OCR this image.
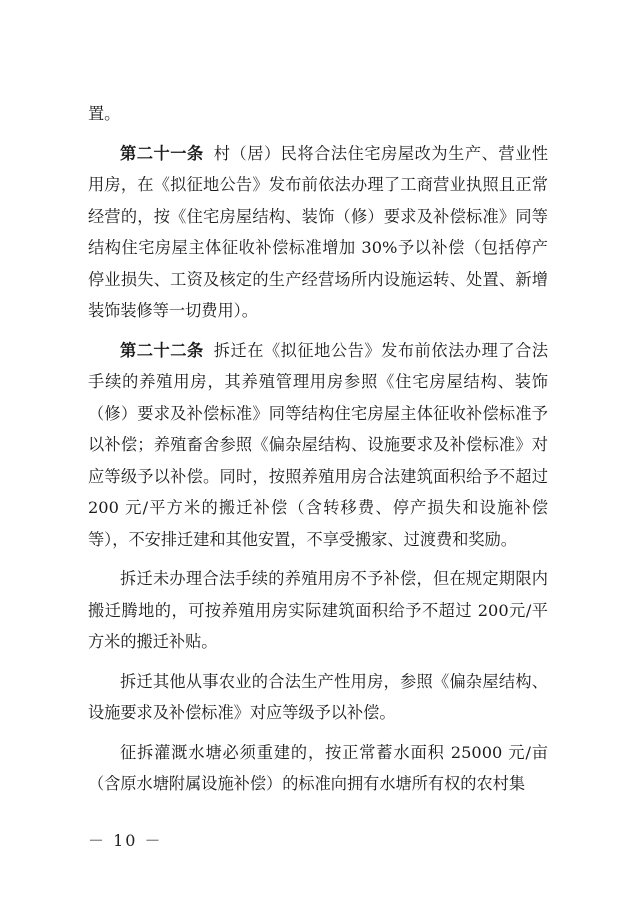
置。

第二十一条 村（居）民将合法住宅房屋改为生产、营业性用房，在《拟征地公告》发布前依法办理了工商营业执照且正常经营的，按《住宅房屋结构、装饰（修）要求及补偿标准》同等结构住宅房屋主体征收补偿标准增加 30%予以补偿（包括停产停业损失、工资及核定的生产经营场所内设施运转、处置、新增装饰装修等一切费用）。

第二十二条 拆迁在《拟征地公告》发布前依法办理了合法手续的养殖用房，其养殖管理用房参照《住宅房屋结构、装饰（修）要求及补偿标准》同等结构住宅房屋主体征收补偿标准予以补偿；养殖畜舍参照《偏杂屋结构、设施要求及补偿标准》对应等级予以补偿。同时，按照养殖用房合法建筑面积给予不超过 200 元/平方米的搬迁补偿（含转移费、停产损失和设施补偿等），不安排迁建和其他安置，不享受搬家、过渡费和奖励。

拆迁未办理合法手续的养殖用房不予补偿，但在规定期限内搬迁腾地的，可按养殖用房实际建筑面积给予不超过 200元/平方米的搬迁补贴。

拆迁其他从事农业的合法生产性用房，参照《偏杂屋结构、设施要求及补偿标准》对应等级予以补偿。

征拆灌溉水塘必须重建的，按正常蓄水面积 25000 元/亩（含原水塘附属设施补偿）的标准向拥有水塘所有权的农村集

－ 10 －
